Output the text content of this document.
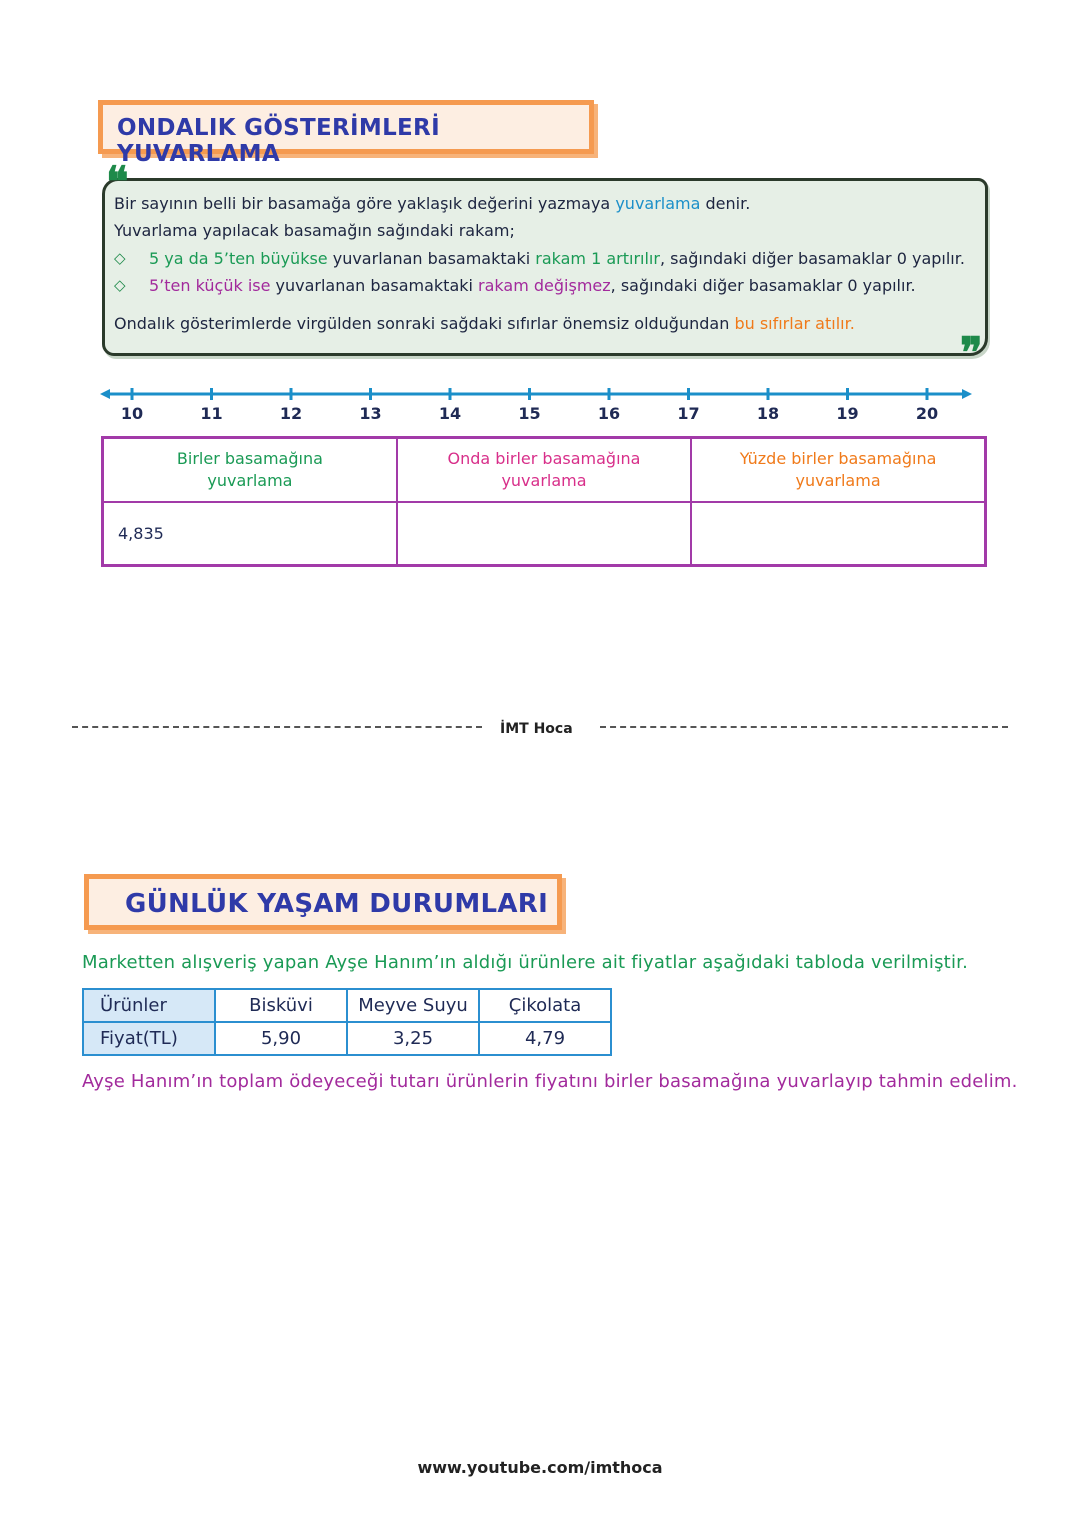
ONDALIK GÖSTERİMLERİ YUVARLAMA
❝
❞
Bir sayının belli bir basamağa göre yaklaşık değerini yazmaya yuvarlama denir.
Yuvarlama yapılacak basamağın sağındaki rakam;
◇ 5 ya da 5’ten büyükse yuvarlanan basamaktaki rakam 1 artırılır, sağındaki diğer basamaklar 0 yapılır.
◇ 5’ten küçük ise yuvarlanan basamaktaki rakam değişmez, sağındaki diğer basamaklar 0 yapılır.
Ondalık gösterimlerde virgülden sonraki sağdaki sıfırlar önemsiz olduğundan bu sıfırlar atılır.
10	11	12	13	14	15	16	17	18	19	20
Birler basamağına
yuvarlama	Onda birler basamağına
yuvarlama	Yüzde birler basamağına
yuvarlama
4,835		
İMT Hoca
GÜNLÜK YAŞAM DURUMLARI
Marketten alışveriş yapan Ayşe Hanım’ın aldığı ürünlere ait fiyatlar aşağıdaki tabloda verilmiştir.
Ürünler	Bisküvi	Meyve Suyu	Çikolata
Fiyat(TL)	5,90	3,25	4,79
Ayşe Hanım’ın toplam ödeyeceği tutarı ürünlerin fiyatını birler basamağına yuvarlayıp tahmin edelim.
www.youtube.com/imthoca
